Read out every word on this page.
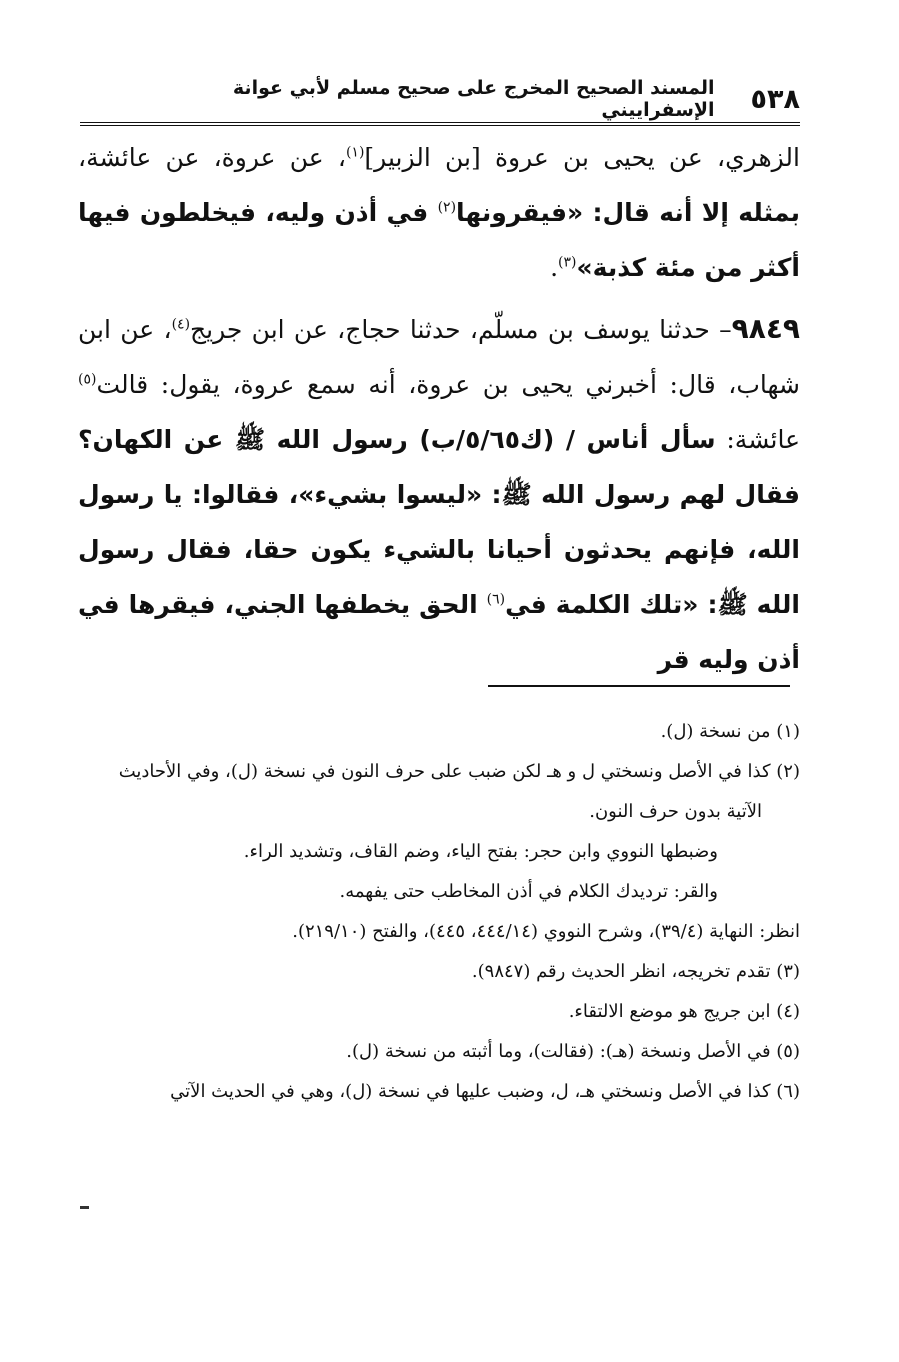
٥٣٨
المسند الصحيح المخرج على صحيح مسلم لأبي عوانة الإسفراييني

الزهري، عن يحيى بن عروة [بن الزبير]$^{(١)}$، عن عروة، عن عائشة، بمثله إلا أنه قال: «فيقرونها$^{(٢)}$ في أذن وليه، فيخلطون فيها أكثر من مئة كذبة»$^{(٣)}$.

٩٨٤٩– حدثنا يوسف بن مسلّم، حدثنا حجاج، عن ابن جريج$^{(٤)}$، عن ابن شهاب، قال: أخبرني يحيى بن عروة، أنه سمع عروة، يقول: قالت$^{(٥)}$ عائشة: سأل أناس / (ك٥/٦٥/ب) رسول الله ﷺ عن الكهان؟ فقال لهم رسول الله ﷺ: «ليسوا بشيء»، فقالوا: يا رسول الله، فإنهم يحدثون أحيانا بالشيء يكون حقا، فقال رسول الله ﷺ: «تلك الكلمة في$^{(٦)}$ الحق يخطفها الجني، فيقرها في أذن وليه قر

(١) من نسخة (ل).

(٢) كذا في الأصل ونسختي ل و هـ لكن ضبب على حرف النون في نسخة (ل)، وفي الأحاديث الآتية بدون حرف النون.

وضبطها النووي وابن حجر: بفتح الياء، وضم القاف، وتشديد الراء.

والقر: ترديدك الكلام في أذن المخاطب حتى يفهمه.

انظر: النهاية (٣٩/٤)، وشرح النووي (٤٤٤/١٤، ٤٤٥)، والفتح (٢١٩/١٠).

(٣) تقدم تخريجه، انظر الحديث رقم (٩٨٤٧).

(٤) ابن جريج هو موضع الالتقاء.

(٥) في الأصل ونسخة (هـ): (فقالت)، وما أثبته من نسخة (ل).

(٦) كذا في الأصل ونسختي هـ، ل، وضبب عليها في نسخة (ل)، وهي في الحديث الآتي
